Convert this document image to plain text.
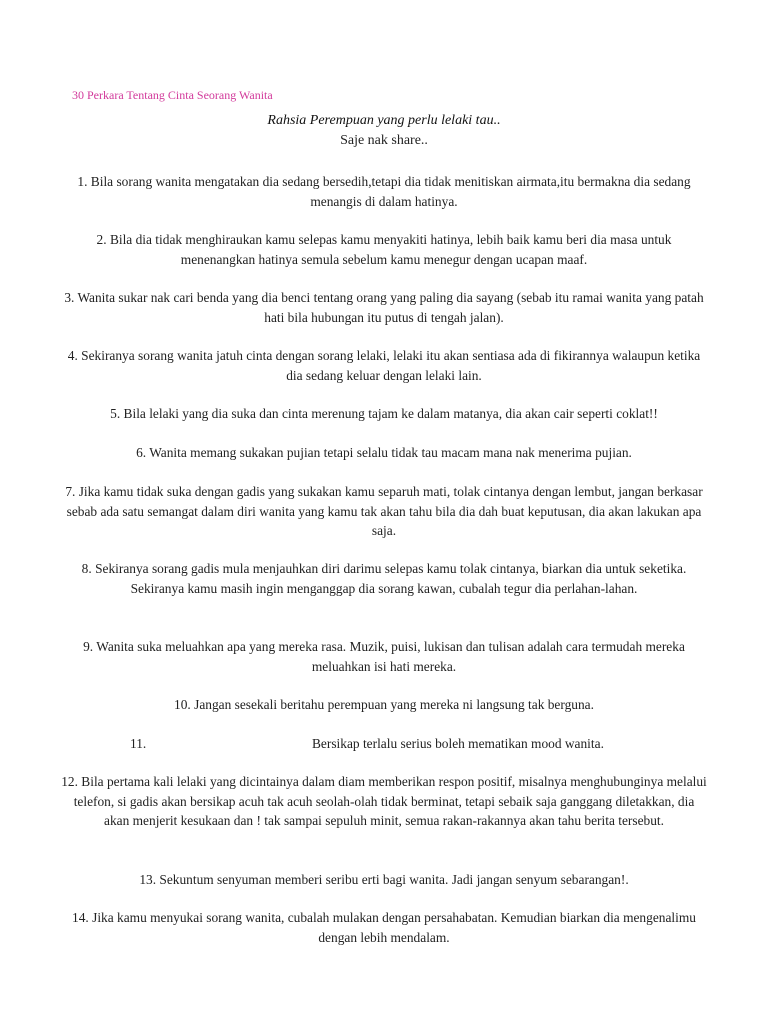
30 Perkara Tentang Cinta Seorang Wanita
Rahsia Perempuan yang perlu lelaki tau..
Saje nak share..
1. Bila sorang wanita mengatakan dia sedang bersedih,tetapi dia tidak menitiskan airmata,itu bermakna dia sedang menangis di dalam hatinya.
2. Bila dia tidak menghiraukan kamu selepas kamu menyakiti hatinya, lebih baik kamu beri dia masa untuk menenangkan hatinya semula sebelum kamu menegur dengan ucapan maaf.
3. Wanita sukar nak cari benda yang dia benci tentang orang yang paling dia sayang (sebab itu ramai wanita yang patah hati bila hubungan itu putus di tengah jalan).
4. Sekiranya sorang wanita jatuh cinta dengan sorang lelaki, lelaki itu akan sentiasa ada di fikirannya walaupun ketika dia sedang keluar dengan lelaki lain.
5. Bila lelaki yang dia suka dan cinta merenung tajam ke dalam matanya, dia akan cair seperti coklat!!
6. Wanita memang sukakan pujian tetapi selalu tidak tau macam mana nak menerima pujian.
7. Jika kamu tidak suka dengan gadis yang sukakan kamu separuh mati, tolak cintanya dengan lembut, jangan berkasar sebab ada satu semangat dalam diri wanita yang kamu tak akan tahu bila dia dah buat keputusan, dia akan lakukan apa saja.
8. Sekiranya sorang gadis mula menjauhkan diri darimu selepas kamu tolak cintanya, biarkan dia untuk seketika. Sekiranya kamu masih ingin menganggap dia sorang kawan, cubalah tegur dia perlahan-lahan.
9. Wanita suka meluahkan apa yang mereka rasa. Muzik, puisi, lukisan dan tulisan adalah cara termudah mereka meluahkan isi hati mereka.
10. Jangan sesekali beritahu perempuan yang mereka ni langsung tak berguna.
11.	Bersikap terlalu serius boleh mematikan mood wanita.
12. Bila pertama kali lelaki yang dicintainya dalam diam memberikan respon positif, misalnya menghubunginya melalui telefon, si gadis akan bersikap acuh tak acuh seolah-olah tidak berminat, tetapi sebaik saja ganggang diletakkan, dia akan menjerit kesukaan dan ! tak sampai sepuluh minit, semua rakan-rakannya akan tahu berita tersebut.
13. Sekuntum senyuman memberi seribu erti bagi wanita. Jadi jangan senyum sebarangan!.
14. Jika kamu menyukai sorang wanita, cubalah mulakan dengan persahabatan. Kemudian biarkan dia mengenalimu dengan lebih mendalam.
